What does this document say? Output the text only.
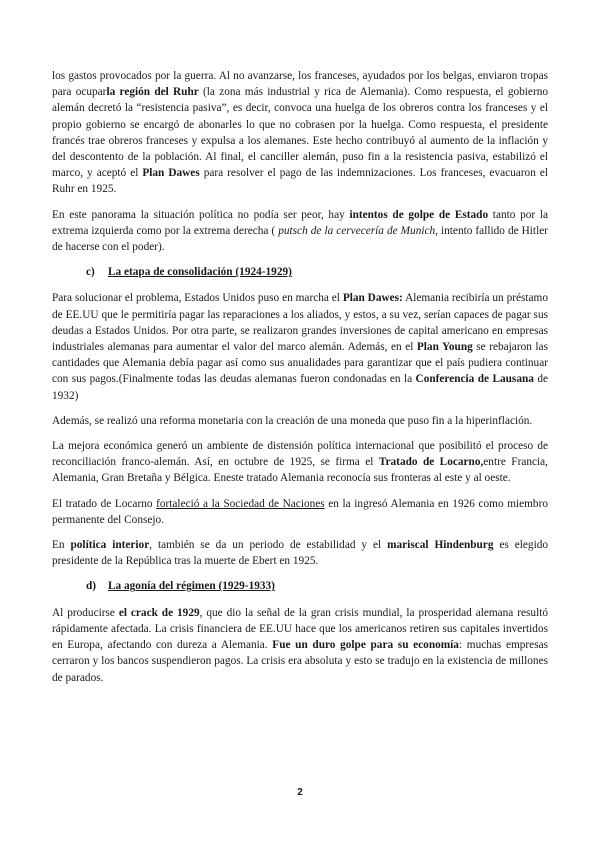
los gastos provocados por la guerra. Al no avanzarse, los franceses, ayudados por los belgas, enviaron tropas para ocuparla región del Ruhr (la zona más industrial y rica de Alemania). Como respuesta, el gobierno alemán decretó la “resistencia pasiva”, es decir, convoca una huelga de los obreros contra los franceses y el propio gobierno se encargó de abonarles lo que no cobrasen por la huelga. Como respuesta, el presidente francés trae obreros franceses y expulsa a los alemanes. Este hecho contribuyó al aumento de la inflación y del descontento de la población. Al final, el canciller alemán, puso fin a la resistencia pasiva, estabilizó el marco, y aceptó el Plan Dawes para resolver el pago de las indemnizaciones. Los franceses, evacuaron el Ruhr en 1925.

En este panorama la situación política no podía ser peor, hay intentos de golpe de Estado tanto por la extrema izquierda como por la extrema derecha ( putsch de la cervecería de Munich, intento fallido de Hitler de hacerse con el poder).

c) La etapa de consolidación (1924-1929)

Para solucionar el problema, Estados Unidos puso en marcha el Plan Dawes: Alemania recibiría un préstamo de EE.UU que le permitiría pagar las reparaciones a los aliados, y estos, a su vez, serían capaces de pagar sus deudas a Estados Unidos. Por otra parte, se realizaron grandes inversiones de capital americano en empresas industriales alemanas para aumentar el valor del marco alemán. Además, en el Plan Young se rebajaron las cantidades que Alemania debía pagar así como sus anualidades para garantizar que el país pudiera continuar con sus pagos.(Finalmente todas las deudas alemanas fueron condonadas en la Conferencia de Lausana de 1932)

Además, se realizó una reforma monetaria con la creación de una moneda que puso fin a la hiperinflación.

La mejora económica generó un ambiente de distensión política internacional que posibilitó el proceso de reconciliación franco-alemán. Así, en octubre de 1925, se firma el Tratado de Locarno,entre Francia, Alemania, Gran Bretaña y Bélgica. Eneste tratado Alemania reconocía sus fronteras al este y al oeste.

El tratado de Locarno fortaleció a la Sociedad de Naciones en la ingresó Alemania en 1926 como miembro permanente del Consejo.

En política interior, también se da un periodo de estabilidad y el mariscal Hindenburg es elegido presidente de la República tras la muerte de Ebert en 1925.

d) La agonía del régimen (1929-1933)

Al producirse el crack de 1929, que dio la señal de la gran crisis mundial, la prosperidad alemana resultó rápidamente afectada. La crisis financiera de EE.UU hace que los americanos retiren sus capitales invertidos en Europa, afectando con dureza a Alemania. Fue un duro golpe para su economía: muchas empresas cerraron y los bancos suspendieron pagos. La crisis era absoluta y esto se tradujo en la existencia de millones de parados.

2
